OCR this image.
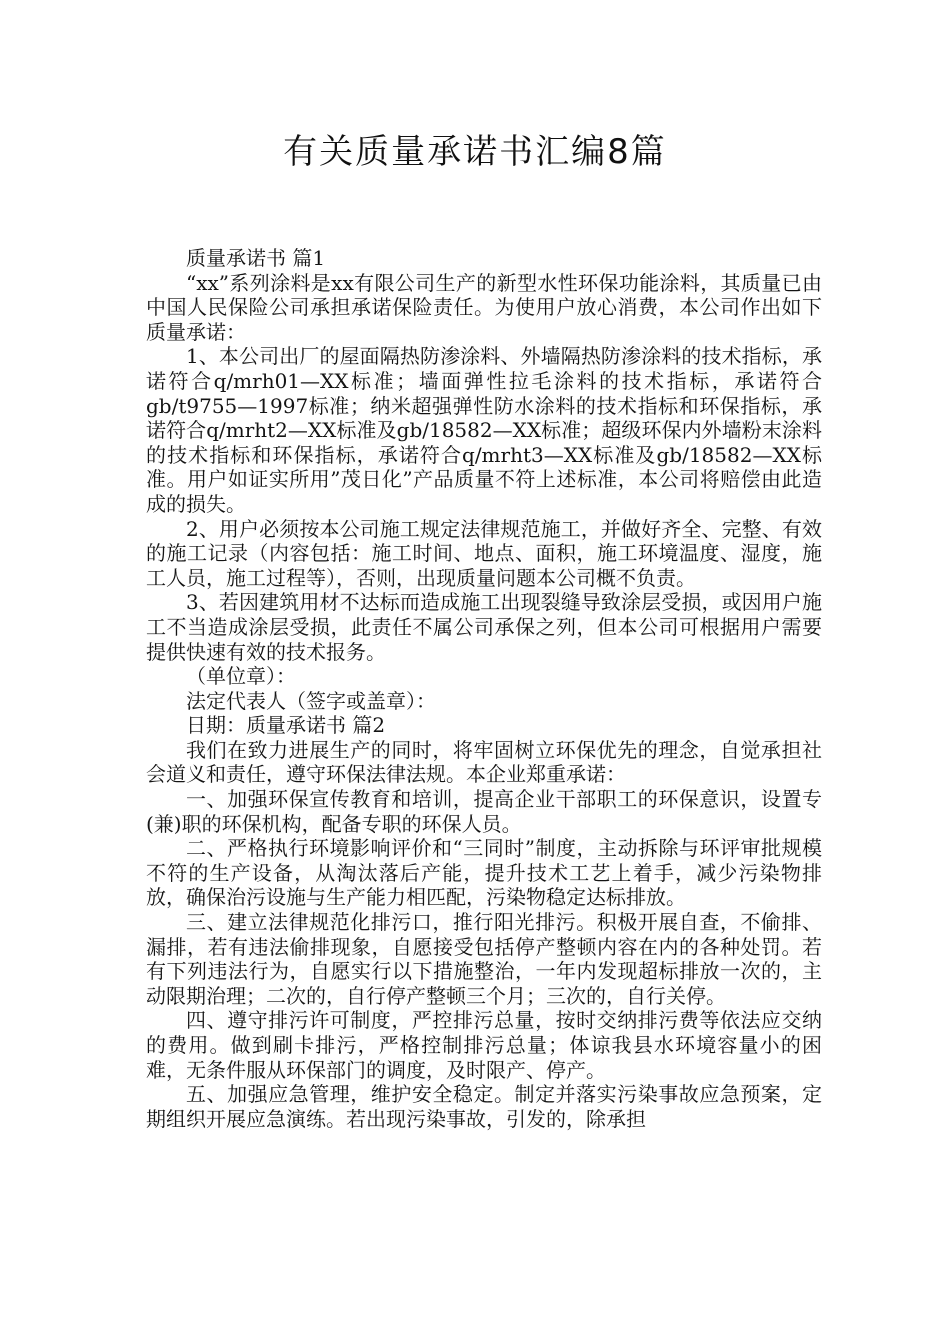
有关质量承诺书汇编8篇

质量承诺书 篇1

“xx”系列涂料是xx有限公司生产的新型水性环保功能涂料，其质量已由中国人民保险公司承担承诺保险责任。为使用户放心消费，本公司作出如下质量承诺：

1、本公司出厂的屋面隔热防渗涂料、外墙隔热防渗涂料的技术指标，承诺符合q/mrh01—XX标准；墙面弹性拉毛涂料的技术指标，承诺符合gb/t9755—1997标准；纳米超强弹性防水涂料的技术指标和环保指标，承诺符合q/mrht2—XX标准及gb/18582—XX标准；超级环保内外墙粉末涂料的技术指标和环保指标，承诺符合q/mrht3—XX标准及gb/18582—XX标准。用户如证实所用”茂日化”产品质量不符上述标准，本公司将赔偿由此造成的损失。

2、用户必须按本公司施工规定法律规范施工，并做好齐全、完整、有效的施工记录（内容包括：施工时间、地点、面积，施工环境温度、湿度，施工人员，施工过程等），否则，出现质量问题本公司概不负责。

3、若因建筑用材不达标而造成施工出现裂缝导致涂层受损，或因用户施工不当造成涂层受损，此责任不属公司承保之列，但本公司可根据用户需要提供快速有效的技术报务。

（单位章）：

法定代表人（签字或盖章）：

日期：质量承诺书 篇2

我们在致力进展生产的同时，将牢固树立环保优先的理念，自觉承担社会道义和责任，遵守环保法律法规。本企业郑重承诺：

一、加强环保宣传教育和培训，提高企业干部职工的环保意识，设置专(兼)职的环保机构，配备专职的环保人员。

二、严格执行环境影响评价和“三同时”制度，主动拆除与环评审批规模不符的生产设备，从淘汰落后产能，提升技术工艺上着手，减少污染物排放，确保治污设施与生产能力相匹配，污染物稳定达标排放。

三、建立法律规范化排污口，推行阳光排污。积极开展自查，不偷排、漏排，若有违法偷排现象，自愿接受包括停产整顿内容在内的各种处罚。若有下列违法行为，自愿实行以下措施整治，一年内发现超标排放一次的，主动限期治理；二次的，自行停产整顿三个月；三次的，自行关停。

四、遵守排污许可制度，严控排污总量，按时交纳排污费等依法应交纳的费用。做到刷卡排污，严格控制排污总量；体谅我县水环境容量小的困难，无条件服从环保部门的调度，及时限产、停产。

五、加强应急管理，维护安全稳定。制定并落实污染事故应急预案，定期组织开展应急演练。若出现污染事故，引发的，除承担
